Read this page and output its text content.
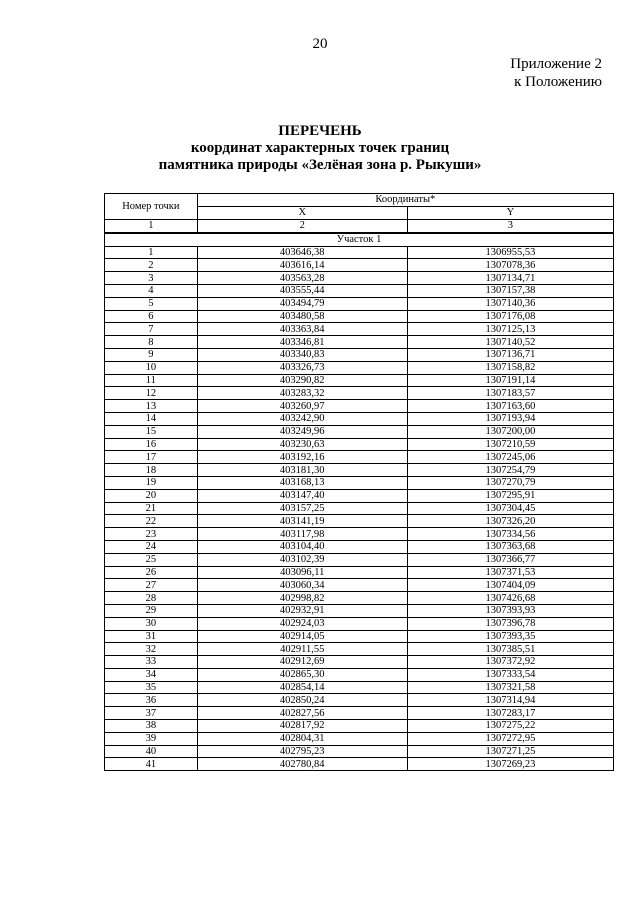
20
Приложение 2
к Положению
ПЕРЕЧЕНЬ
координат характерных точек границ
памятника природы «Зелёная зона р. Рыкуши»
Номер точки	Координаты*	
	X	Y
1	2	3
Участок 1		
1	403646,38	1306955,53
2	403616,14	1307078,36
3	403563,28	1307134,71
4	403555,44	1307157,38
5	403494,79	1307140,36
6	403480,58	1307176,08
7	403363,84	1307125,13
8	403346,81	1307140,52
9	403340,83	1307136,71
10	403326,73	1307158,82
11	403290,82	1307191,14
12	403283,32	1307183,57
13	403260,97	1307163,60
14	403242,90	1307193,94
15	403249,96	1307200,00
16	403230,63	1307210,59
17	403192,16	1307245,06
18	403181,30	1307254,79
19	403168,13	1307270,79
20	403147,40	1307295,91
21	403157,25	1307304,45
22	403141,19	1307326,20
23	403117,98	1307334,56
24	403104,40	1307363,68
25	403102,39	1307366,77
26	403096,11	1307371,53
27	403060,34	1307404,09
28	402998,82	1307426,68
29	402932,91	1307393,93
30	402924,03	1307396,78
31	402914,05	1307393,35
32	402911,55	1307385,51
33	402912,69	1307372,92
34	402865,30	1307333,54
35	402854,14	1307321,58
36	402850,24	1307314,94
37	402827,56	1307283,17
38	402817,92	1307275,22
39	402804,31	1307272,95
40	402795,23	1307271,25
41	402780,84	1307269,23
